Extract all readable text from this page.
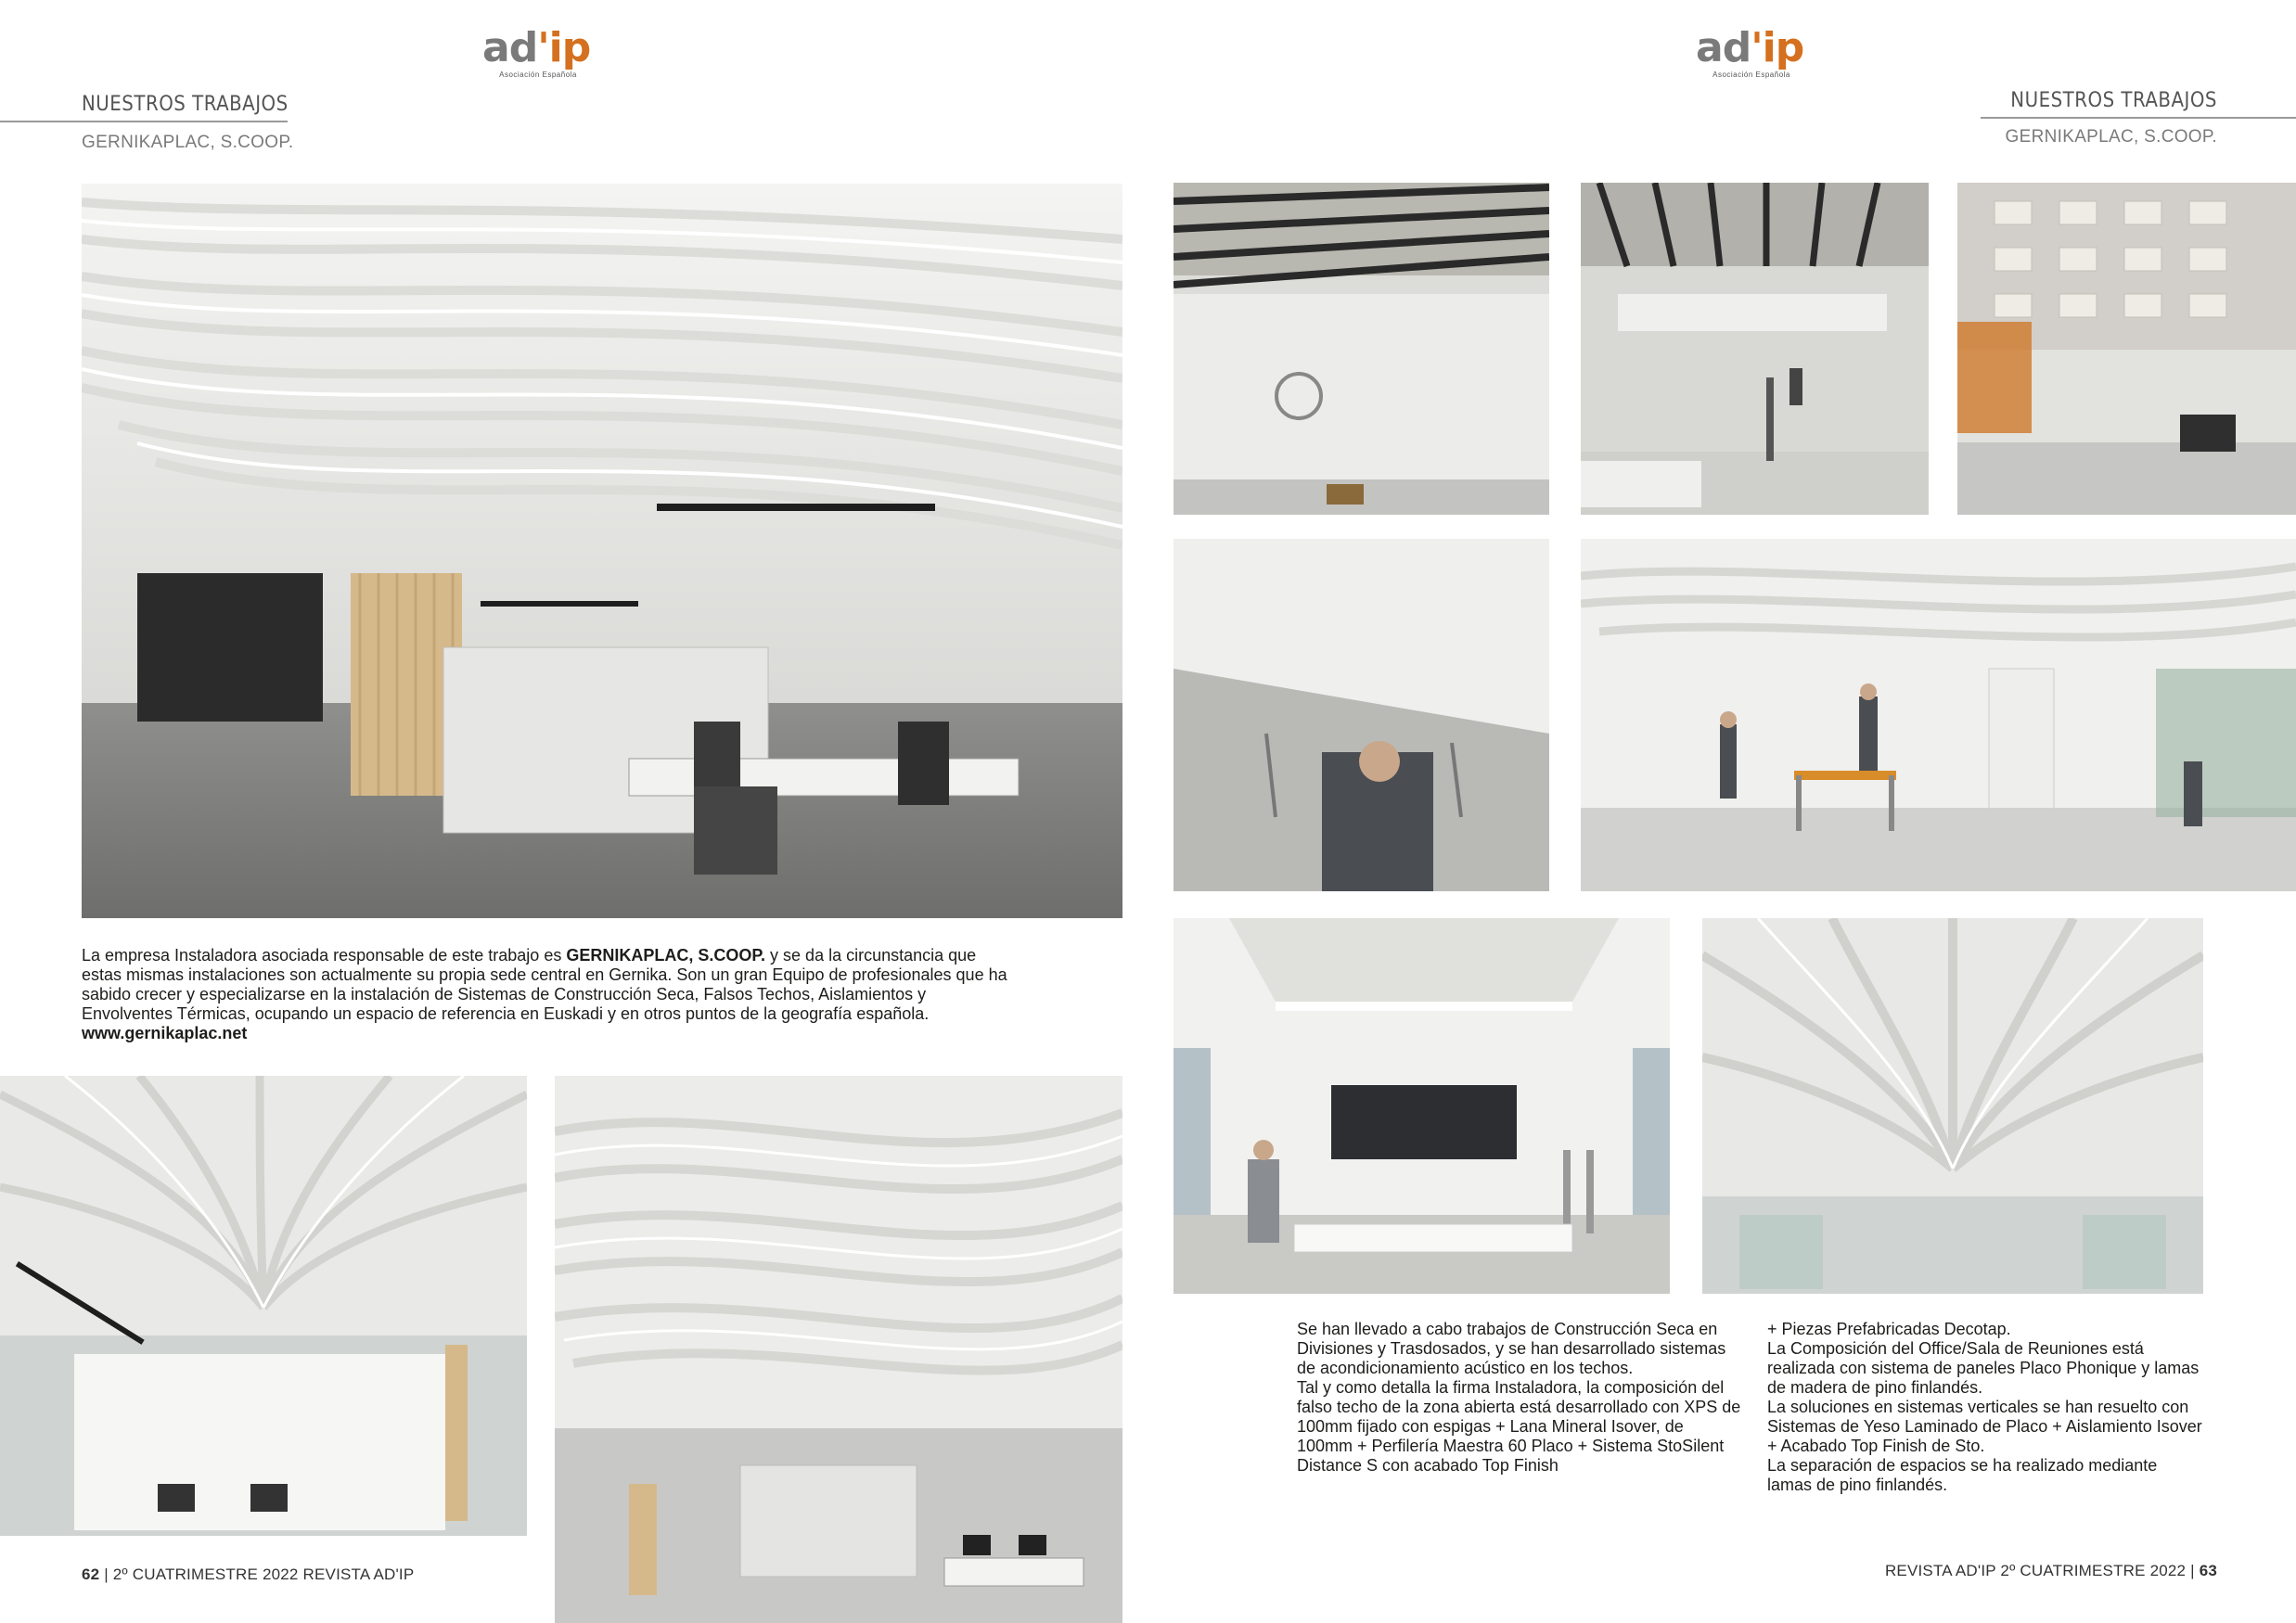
ad'ip
Asociación Española
NUESTROS TRABAJOS
GERNIKAPLAC, S.COOP.
La empresa Instaladora asociada responsable de este trabajo es GERNIKAPLAC, S.COOP. y se da la circunstancia que estas mismas instalaciones son actualmente su propia sede central en Gernika. Son un gran Equipo de profesionales que ha sabido crecer y especializarse en la instalación de Sistemas de Construcción Seca, Falsos Techos, Aislamientos y Envolventes Térmicas, ocupando un espacio de referencia en Euskadi y en otros puntos de la geografía española. www.gernikaplac.net
62 | 2º CUATRIMESTRE 2022 REVISTA AD'IP
ad'ip
Asociación Española
NUESTROS TRABAJOS
GERNIKAPLAC, S.COOP.
Se han llevado a cabo trabajos de Construcción Seca en Divisiones y Trasdosados, y se han desarrollado sistemas de acondicionamiento acústico en los techos.
Tal y como detalla la firma Instaladora, la composición del falso techo de la zona abierta está desarrollado con XPS de 100mm fijado con espigas + Lana Mineral Isover, de 100mm + Perfilería Maestra 60 Placo + Sistema StoSilent Distance S con acabado Top Finish
+ Piezas Prefabricadas Decotap.
La Composición del Office/Sala de Reuniones está realizada con sistema de paneles Placo Phonique y lamas de madera de pino finlandés.
La soluciones en sistemas verticales se han resuelto con Sistemas de Yeso Laminado de Placo + Aislamiento Isover + Acabado Top Finish de Sto.
La separación de espacios se ha realizado mediante lamas de pino finlandés.
REVISTA AD'IP 2º CUATRIMESTRE 2022 | 63
